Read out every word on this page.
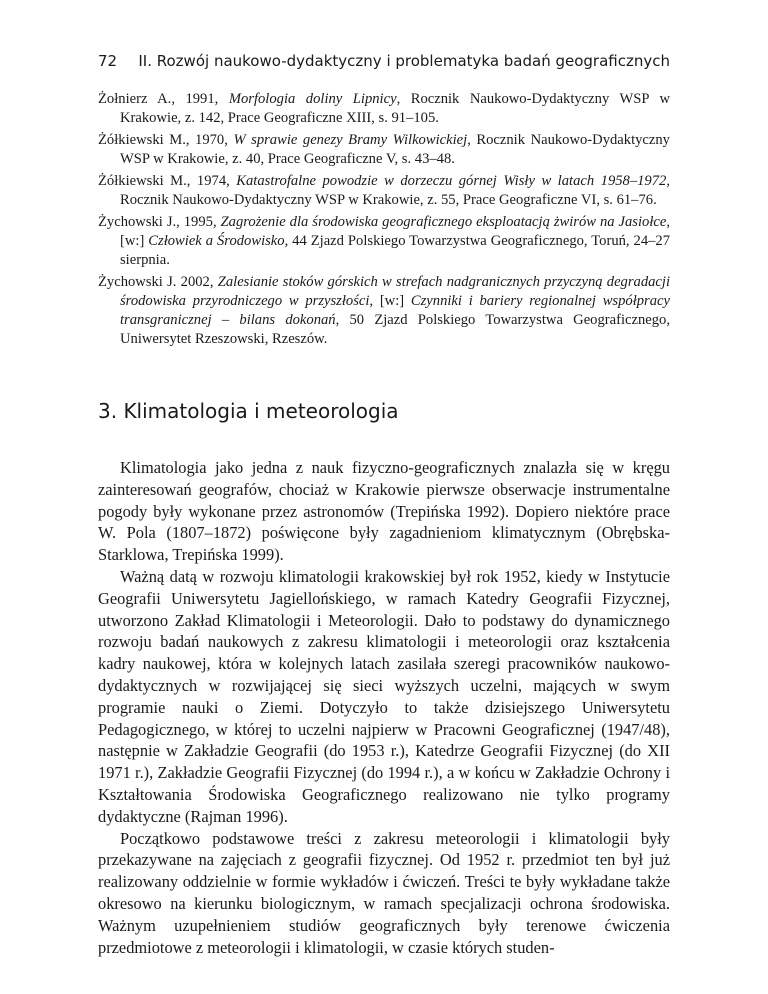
72 II. Rozwój naukowo-dydaktyczny i problematyka badań geograficznych

Żołnierz A., 1991, Morfologia doliny Lipnicy, Rocznik Naukowo-Dydaktyczny WSP w Krakowie, z. 142, Prace Geograficzne XIII, s. 91–105.

Żółkiewski M., 1970, W sprawie genezy Bramy Wilkowickiej, Rocznik Naukowo-Dydaktyczny WSP w Krakowie, z. 40, Prace Geograficzne V, s. 43–48.

Żółkiewski M., 1974, Katastrofalne powodzie w dorzeczu górnej Wisły w latach 1958–1972, Rocznik Naukowo-Dydaktyczny WSP w Krakowie, z. 55, Prace Geograficzne VI, s. 61–76.

Żychowski J., 1995, Zagrożenie dla środowiska geograficznego eksploatacją żwirów na Jasiołce, [w:] Człowiek a Środowisko, 44 Zjazd Polskiego Towarzystwa Geograficznego, Toruń, 24–27 sierpnia.

Żychowski J. 2002, Zalesianie stoków górskich w strefach nadgranicznych przyczyną degradacji środowiska przyrodniczego w przyszłości, [w:] Czynniki i bariery regionalnej współpracy transgranicznej – bilans dokonań, 50 Zjazd Polskiego Towarzystwa Geograficznego, Uniwersytet Rzeszowski, Rzeszów.

3. Klimatologia i meteorologia

Klimatologia jako jedna z nauk fizyczno-geograficznych znalazła się w kręgu zainteresowań geografów, chociaż w Krakowie pierwsze obserwacje instrumentalne pogody były wykonane przez astronomów (Trepińska 1992). Dopiero niektóre prace W. Pola (1807–1872) poświęcone były zagadnieniom klimatycznym (Obrębska-Starklowa, Trepińska 1999).

Ważną datą w rozwoju klimatologii krakowskiej był rok 1952, kiedy w Instytucie Geografii Uniwersytetu Jagiellońskiego, w ramach Katedry Geografii Fizycznej, utworzono Zakład Klimatologii i Meteorologii. Dało to podstawy do dynamicznego rozwoju badań naukowych z zakresu klimatologii i meteorologii oraz kształcenia kadry naukowej, która w kolejnych latach zasilała szeregi pracowników naukowo-dydaktycznych w rozwijającej się sieci wyższych uczelni, mających w swym programie nauki o Ziemi. Dotyczyło to także dzisiejszego Uniwersytetu Pedagogicznego, w której to uczelni najpierw w Pracowni Geograficznej (1947/48), następnie w Zakładzie Geografii (do 1953 r.), Katedrze Geografii Fizycznej (do XII 1971 r.), Zakładzie Geografii Fizycznej (do 1994 r.), a w końcu w Zakładzie Ochrony i Kształtowania Środowiska Geograficznego realizowano nie tylko programy dydaktyczne (Rajman 1996).

Początkowo podstawowe treści z zakresu meteorologii i klimatologii były przekazywane na zajęciach z geografii fizycznej. Od 1952 r. przedmiot ten był już realizowany oddzielnie w formie wykładów i ćwiczeń. Treści te były wykładane także okresowo na kierunku biologicznym, w ramach specjalizacji ochrona środowiska. Ważnym uzupełnieniem studiów geograficznych były terenowe ćwiczenia przedmiotowe z meteorologii i klimatologii, w czasie których studen-
